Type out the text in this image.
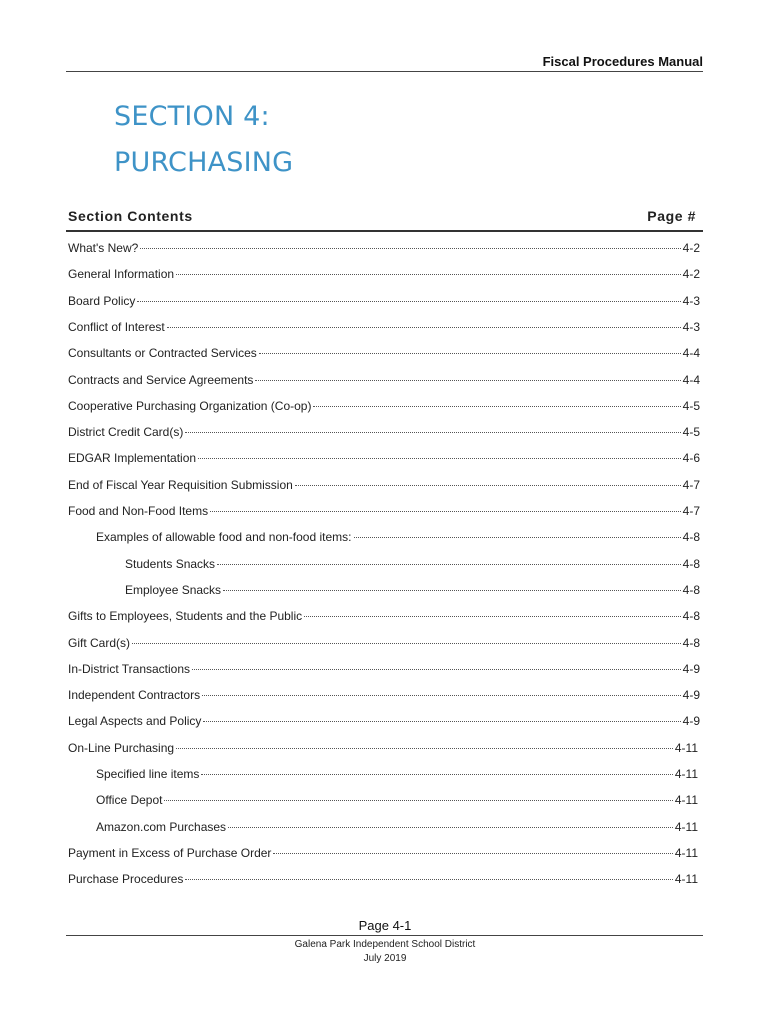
Fiscal Procedures Manual
SECTION 4:
PURCHASING
Section Contents	Page #
What's New?	4-2
General Information	4-2
Board Policy	4-3
Conflict of Interest	4-3
Consultants or Contracted Services	4-4
Contracts and Service Agreements	4-4
Cooperative Purchasing Organization (Co-op)	4-5
District Credit Card(s)	4-5
EDGAR Implementation	4-6
End of Fiscal Year Requisition Submission	4-7
Food and Non-Food Items	4-7
Examples of allowable food and non-food items:	4-8
Students Snacks	4-8
Employee Snacks	4-8
Gifts to Employees, Students and the Public	4-8
Gift Card(s)	4-8
In-District Transactions	4-9
Independent Contractors	4-9
Legal Aspects and Policy	4-9
On-Line Purchasing	4-11
Specified line items	4-11
Office Depot	4-11
Amazon.com Purchases	4-11
Payment in Excess of Purchase Order	4-11
Purchase Procedures	4-11
Page 4-1
Galena Park Independent School District
July 2019
